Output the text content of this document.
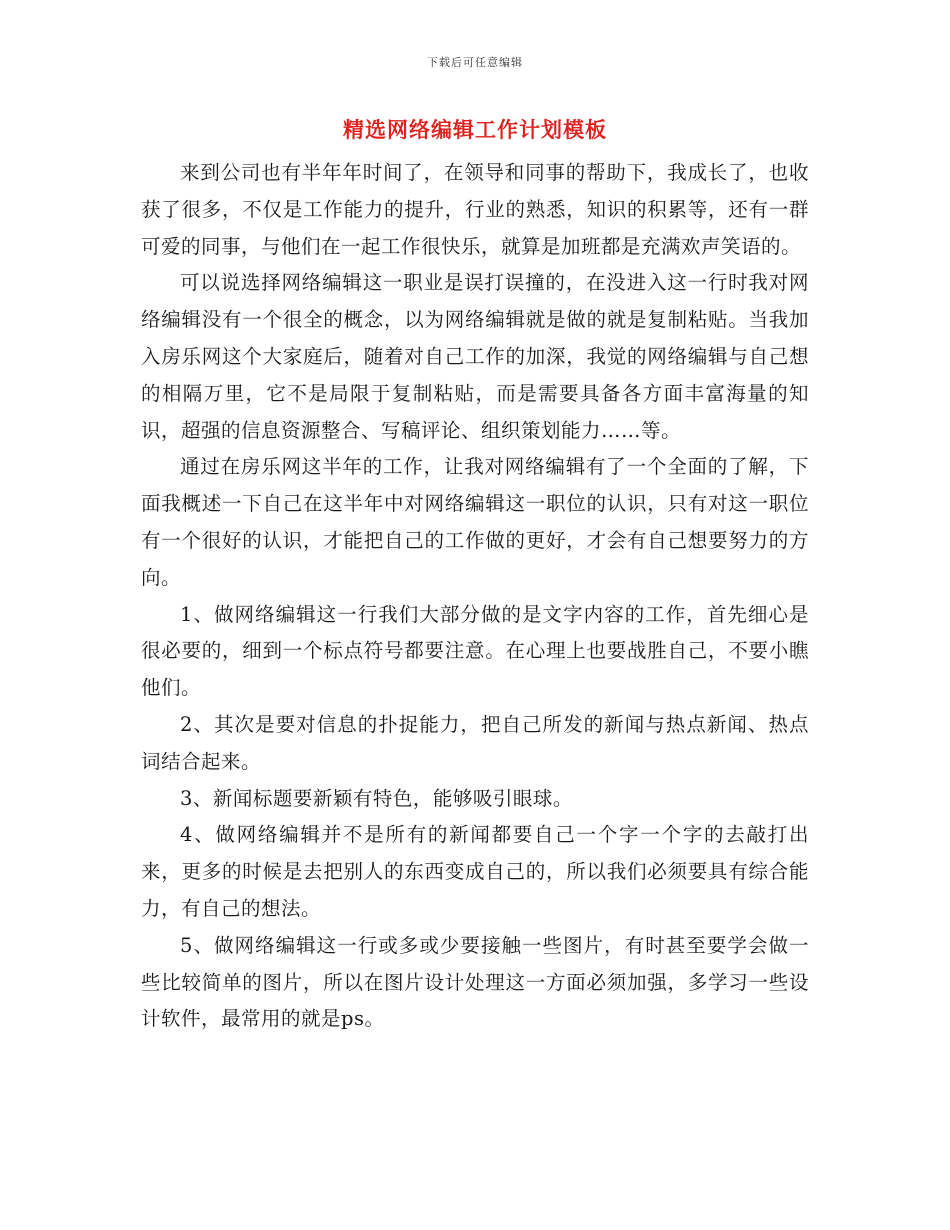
下载后可任意编辑
精选网络编辑工作计划模板

来到公司也有半年年时间了，在领导和同事的帮助下，我成长了，也收获了很多，不仅是工作能力的提升，行业的熟悉，知识的积累等，还有一群可爱的同事，与他们在一起工作很快乐，就算是加班都是充满欢声笑语的。

可以说选择网络编辑这一职业是误打误撞的，在没进入这一行时我对网络编辑没有一个很全的概念，以为网络编辑就是做的就是复制粘贴。当我加入房乐网这个大家庭后，随着对自己工作的加深，我觉的网络编辑与自己想的相隔万里，它不是局限于复制粘贴，而是需要具备各方面丰富海量的知识，超强的信息资源整合、写稿评论、组织策划能力……等。

通过在房乐网这半年的工作，让我对网络编辑有了一个全面的了解，下面我概述一下自己在这半年中对网络编辑这一职位的认识，只有对这一职位有一个很好的认识，才能把自己的工作做的更好，才会有自己想要努力的方向。

1、做网络编辑这一行我们大部分做的是文字内容的工作，首先细心是很必要的，细到一个标点符号都要注意。在心理上也要战胜自己，不要小瞧他们。

2、其次是要对信息的扑捉能力，把自己所发的新闻与热点新闻、热点词结合起来。

3、新闻标题要新颖有特色，能够吸引眼球。

4、做网络编辑并不是所有的新闻都要自己一个字一个字的去敲打出来，更多的时候是去把别人的东西变成自己的，所以我们必须要具有综合能力，有自己的想法。

5、做网络编辑这一行或多或少要接触一些图片，有时甚至要学会做一些比较简单的图片，所以在图片设计处理这一方面必须加强，多学习一些设计软件，最常用的就是ps。
